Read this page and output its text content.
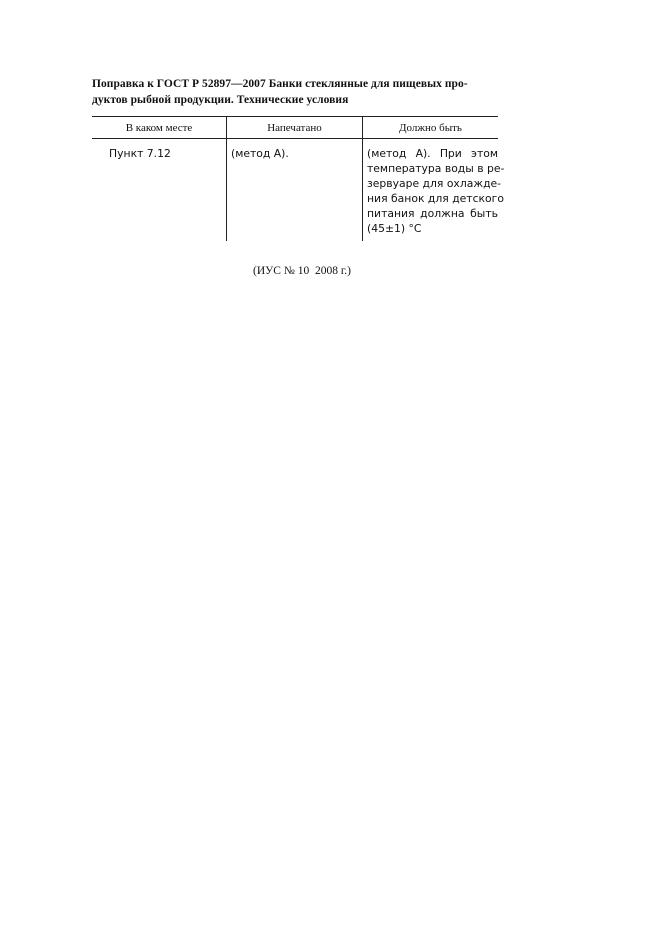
Поправка к ГОСТ Р 52897—2007 Банки стеклянные для пищевых про-
дуктов рыбной продукции. Технические условия
В каком месте	Напечатано	Должно быть
Пункт 7.12	(метод А).	(метод А). При этом
температура воды в ре-
зервуаре для охлажде-
ния банок для детского
питания должна быть
(45±1) °С
(ИУС № 10  2008 г.)
